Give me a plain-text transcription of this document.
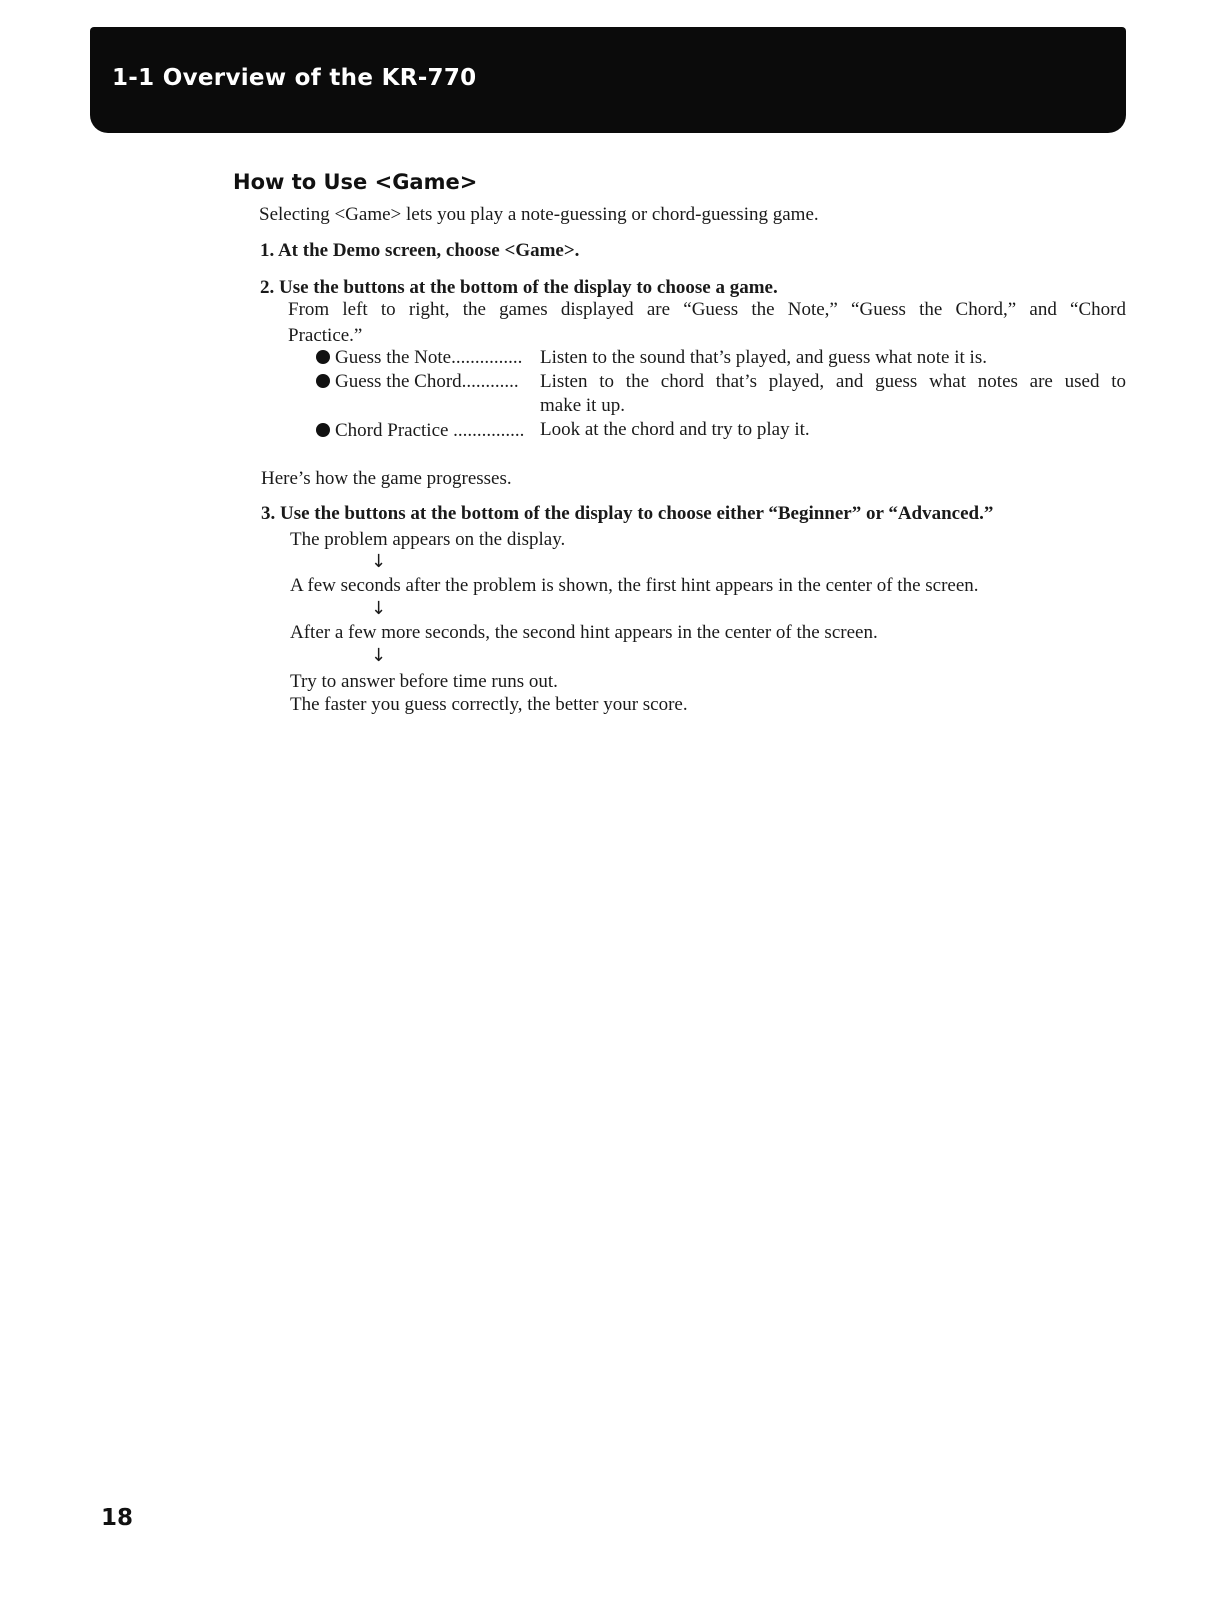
1-1 Overview of the KR-770
How to Use <Game>
Selecting <Game> lets you play a note-guessing or chord-guessing game.
1. At the Demo screen, choose <Game>.
2. Use the buttons at the bottom of the display to choose a game.
From left to right, the games displayed are “Guess the Note,” “Guess the Chord,” and “Chord
Practice.”
Guess the Note............... Listen to the sound that’s played, and guess what note it is.
Guess the Chord............ Listen to the chord that’s played, and guess what notes are used to
make it up.
Chord Practice ............... Look at the chord and try to play it.
Here’s how the game progresses.
3. Use the buttons at the bottom of the display to choose either “Beginner” or “Advanced.”
The problem appears on the display.
↓
A few seconds after the problem is shown, the first hint appears in the center of the screen.
↓
After a few more seconds, the second hint appears in the center of the screen.
↓
Try to answer before time runs out.
The faster you guess correctly, the better your score.
18
